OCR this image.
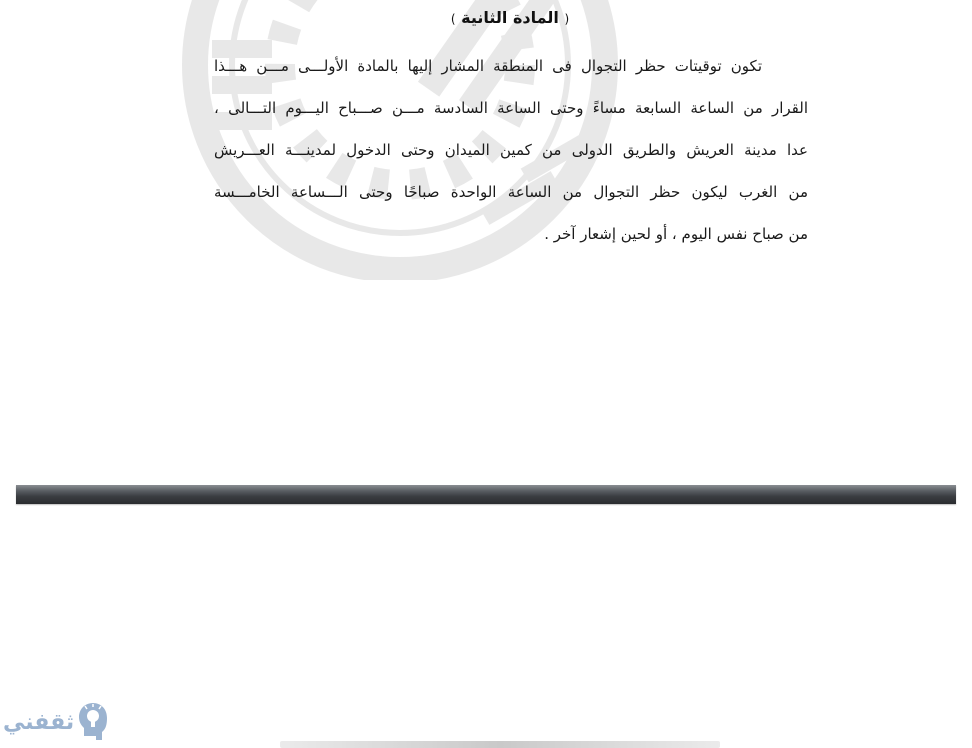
( المادة الثانية )
تكون توقيتات حظر التجوال فى المنطقة المشار إليها بالمادة الأولـــى مـــن هـــذا
القرار من الساعة السابعة مساءً وحتى الساعة السادسة مـــن صـــباح اليـــوم التـــالى ،
عدا مدينة العريش والطريق الدولى من كمين الميدان وحتى الدخول لمدينـــة العـــريش
من الغرب ليكون حظر التجوال من الساعة الواحدة صباحًا وحتى الـــساعة الخامـــسة
من صباح نفس اليوم ، أو لحين إشعار آخر .
ثقفني
